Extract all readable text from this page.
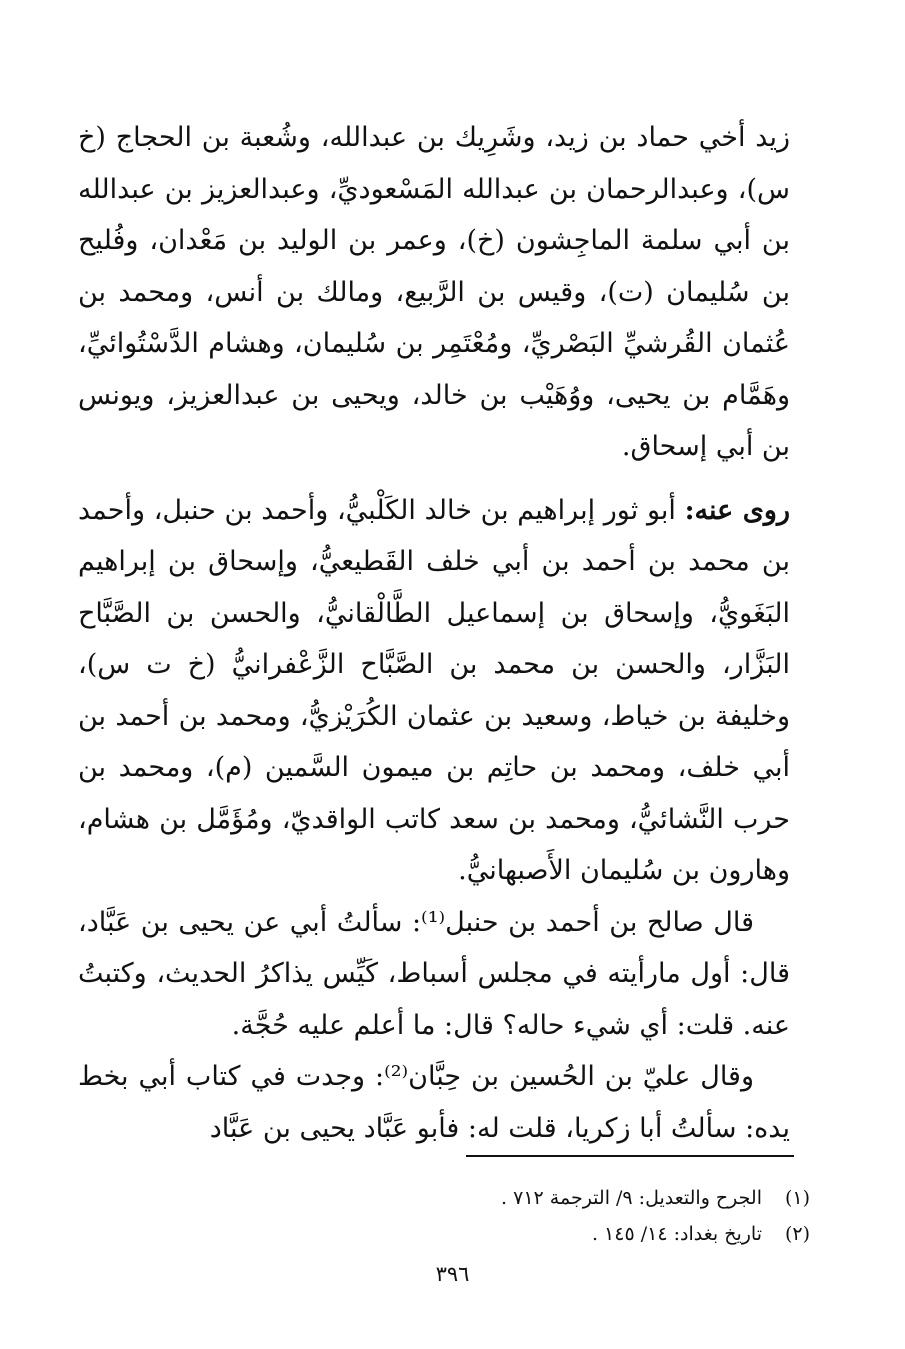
زيد أخي حماد بن زيد، وشَرِيك بن عبدالله، وشُعبة بن الحجاج (خ س)، وعبدالرحمان بن عبدالله المَسْعوديِّ، وعبدالعزيز بن عبدالله بن أبي سلمة الماجِشون (خ)، وعمر بن الوليد بن مَعْدان، وفُليح بن سُليمان (ت)، وقيس بن الرَّبيع، ومالك بن أنس، ومحمد بن عُثمان القُرشيِّ البَصْريِّ، ومُعْتَمِر بن سُليمان، وهشام الدَّسْتُوائيِّ، وهَمَّام بن يحيى، ووُهَيْب بن خالد، ويحيى بن عبدالعزيز، ويونس بن أبي إسحاق.

روى عنه: أبو ثور إبراهيم بن خالد الكَلْبيُّ، وأحمد بن حنبل، وأحمد بن محمد بن أحمد بن أبي خلف القَطيعيُّ، وإسحاق بن إبراهيم البَغَويُّ، وإسحاق بن إسماعيل الطَّالْقانيُّ، والحسن بن الصَّبَّاح البَزَّار، والحسن بن محمد بن الصَّبَّاح الزَّعْفرانيُّ (خ ت س)، وخليفة بن خياط، وسعيد بن عثمان الكُرَيْزيُّ، ومحمد بن أحمد بن أبي خلف، ومحمد بن حاتِم بن ميمون السَّمين (م)، ومحمد بن حرب النَّشائيُّ، ومحمد بن سعد كاتب الواقديّ، ومُؤَمَّل بن هشام، وهارون بن سُليمان الأَصبهانيُّ.

قال صالح بن أحمد بن حنبل⁽¹⁾: سألتُ أبي عن يحيى بن عَبَّاد، قال: أول مارأيته في مجلس أسباط، كَيِّس يذاكرُ الحديث، وكتبتُ عنه. قلت: أي شيء حاله؟ قال: ما أعلم عليه حُجَّة.

وقال عليّ بن الحُسين بن حِبَّان⁽²⁾: وجدت في كتاب أبي بخط يده: سألتُ أبا زكريا، قلت له: فأبو عَبَّاد يحيى بن عَبَّاد

(١)
الجرح والتعديل: ٩/ الترجمة ٧١٢ .
(٢)
تاريخ بغداد: ١٤/ ١٤٥ .
٣٩٦
